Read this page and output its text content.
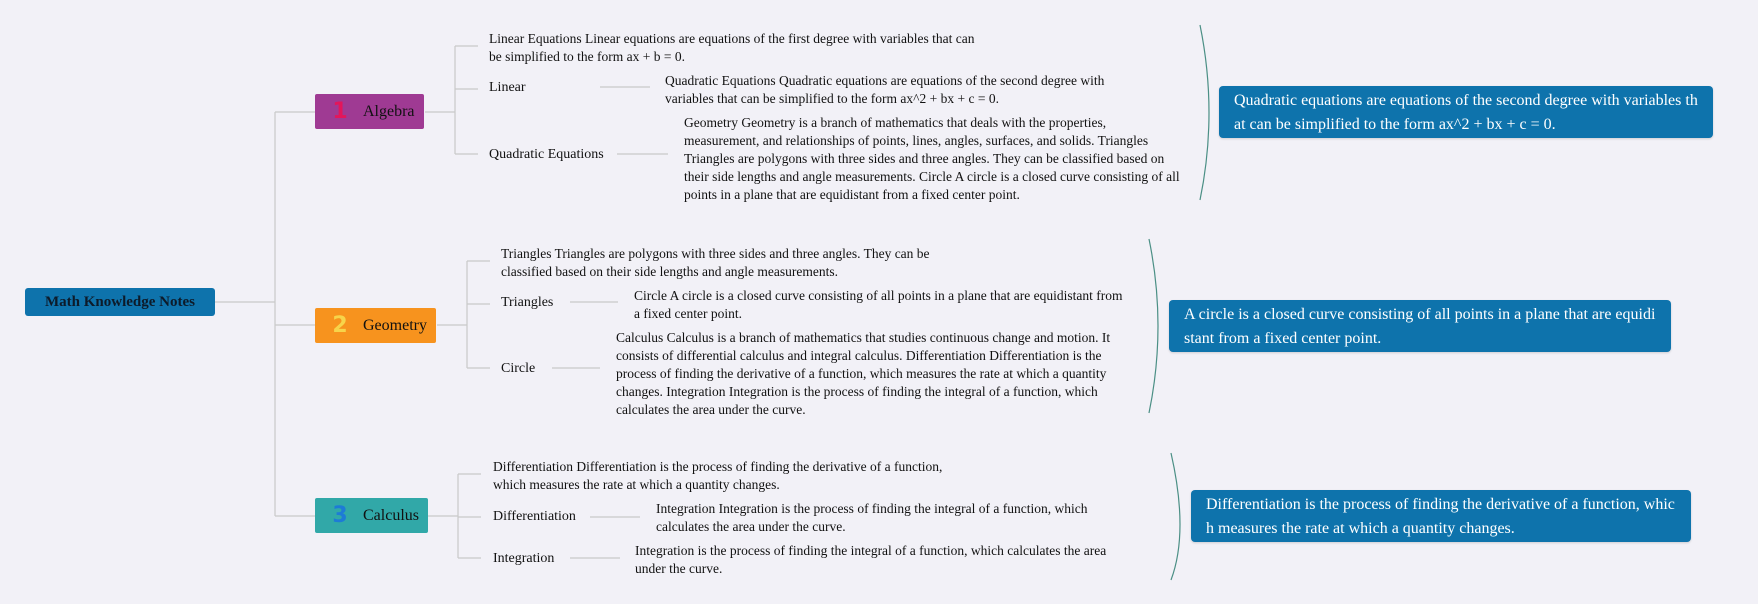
Math Knowledge Notes
1 Algebra
Linear Equations Linear equations are equations of the first degree with variables that can be simplified to the form ax + b = 0.
Linear
Quadratic Equations
Quadratic Equations Quadratic equations are equations of the second degree with variables that can be simplified to the form ax^2 + bx + c = 0.
Geometry Geometry is a branch of mathematics that deals with the properties, measurement, and relationships of points, lines, angles, surfaces, and solids. Triangles Triangles are polygons with three sides and three angles. They can be classified based on their side lengths and angle measurements. Circle A circle is a closed curve consisting of all points in a plane that are equidistant from a fixed center point.
Quadratic equations are equations of the second degree with variables that can be simplified to the form ax^2 + bx + c = 0.
2 Geometry
Triangles Triangles are polygons with three sides and three angles. They can be classified based on their side lengths and angle measurements.
Triangles
Circle
Circle A circle is a closed curve consisting of all points in a plane that are equidistant from a fixed center point.
Calculus Calculus is a branch of mathematics that studies continuous change and motion. It consists of differential calculus and integral calculus. Differentiation Differentiation is the process of finding the derivative of a function, which measures the rate at which a quantity changes. Integration Integration is the process of finding the integral of a function, which calculates the area under the curve.
A circle is a closed curve consisting of all points in a plane that are equidistant from a fixed center point.
3 Calculus
Differentiation Differentiation is the process of finding the derivative of a function, which measures the rate at which a quantity changes.
Differentiation
Integration
Integration Integration is the process of finding the integral of a function, which calculates the area under the curve.
Integration is the process of finding the integral of a function, which calculates the area under the curve.
Differentiation is the process of finding the derivative of a function, which measures the rate at which a quantity changes.
